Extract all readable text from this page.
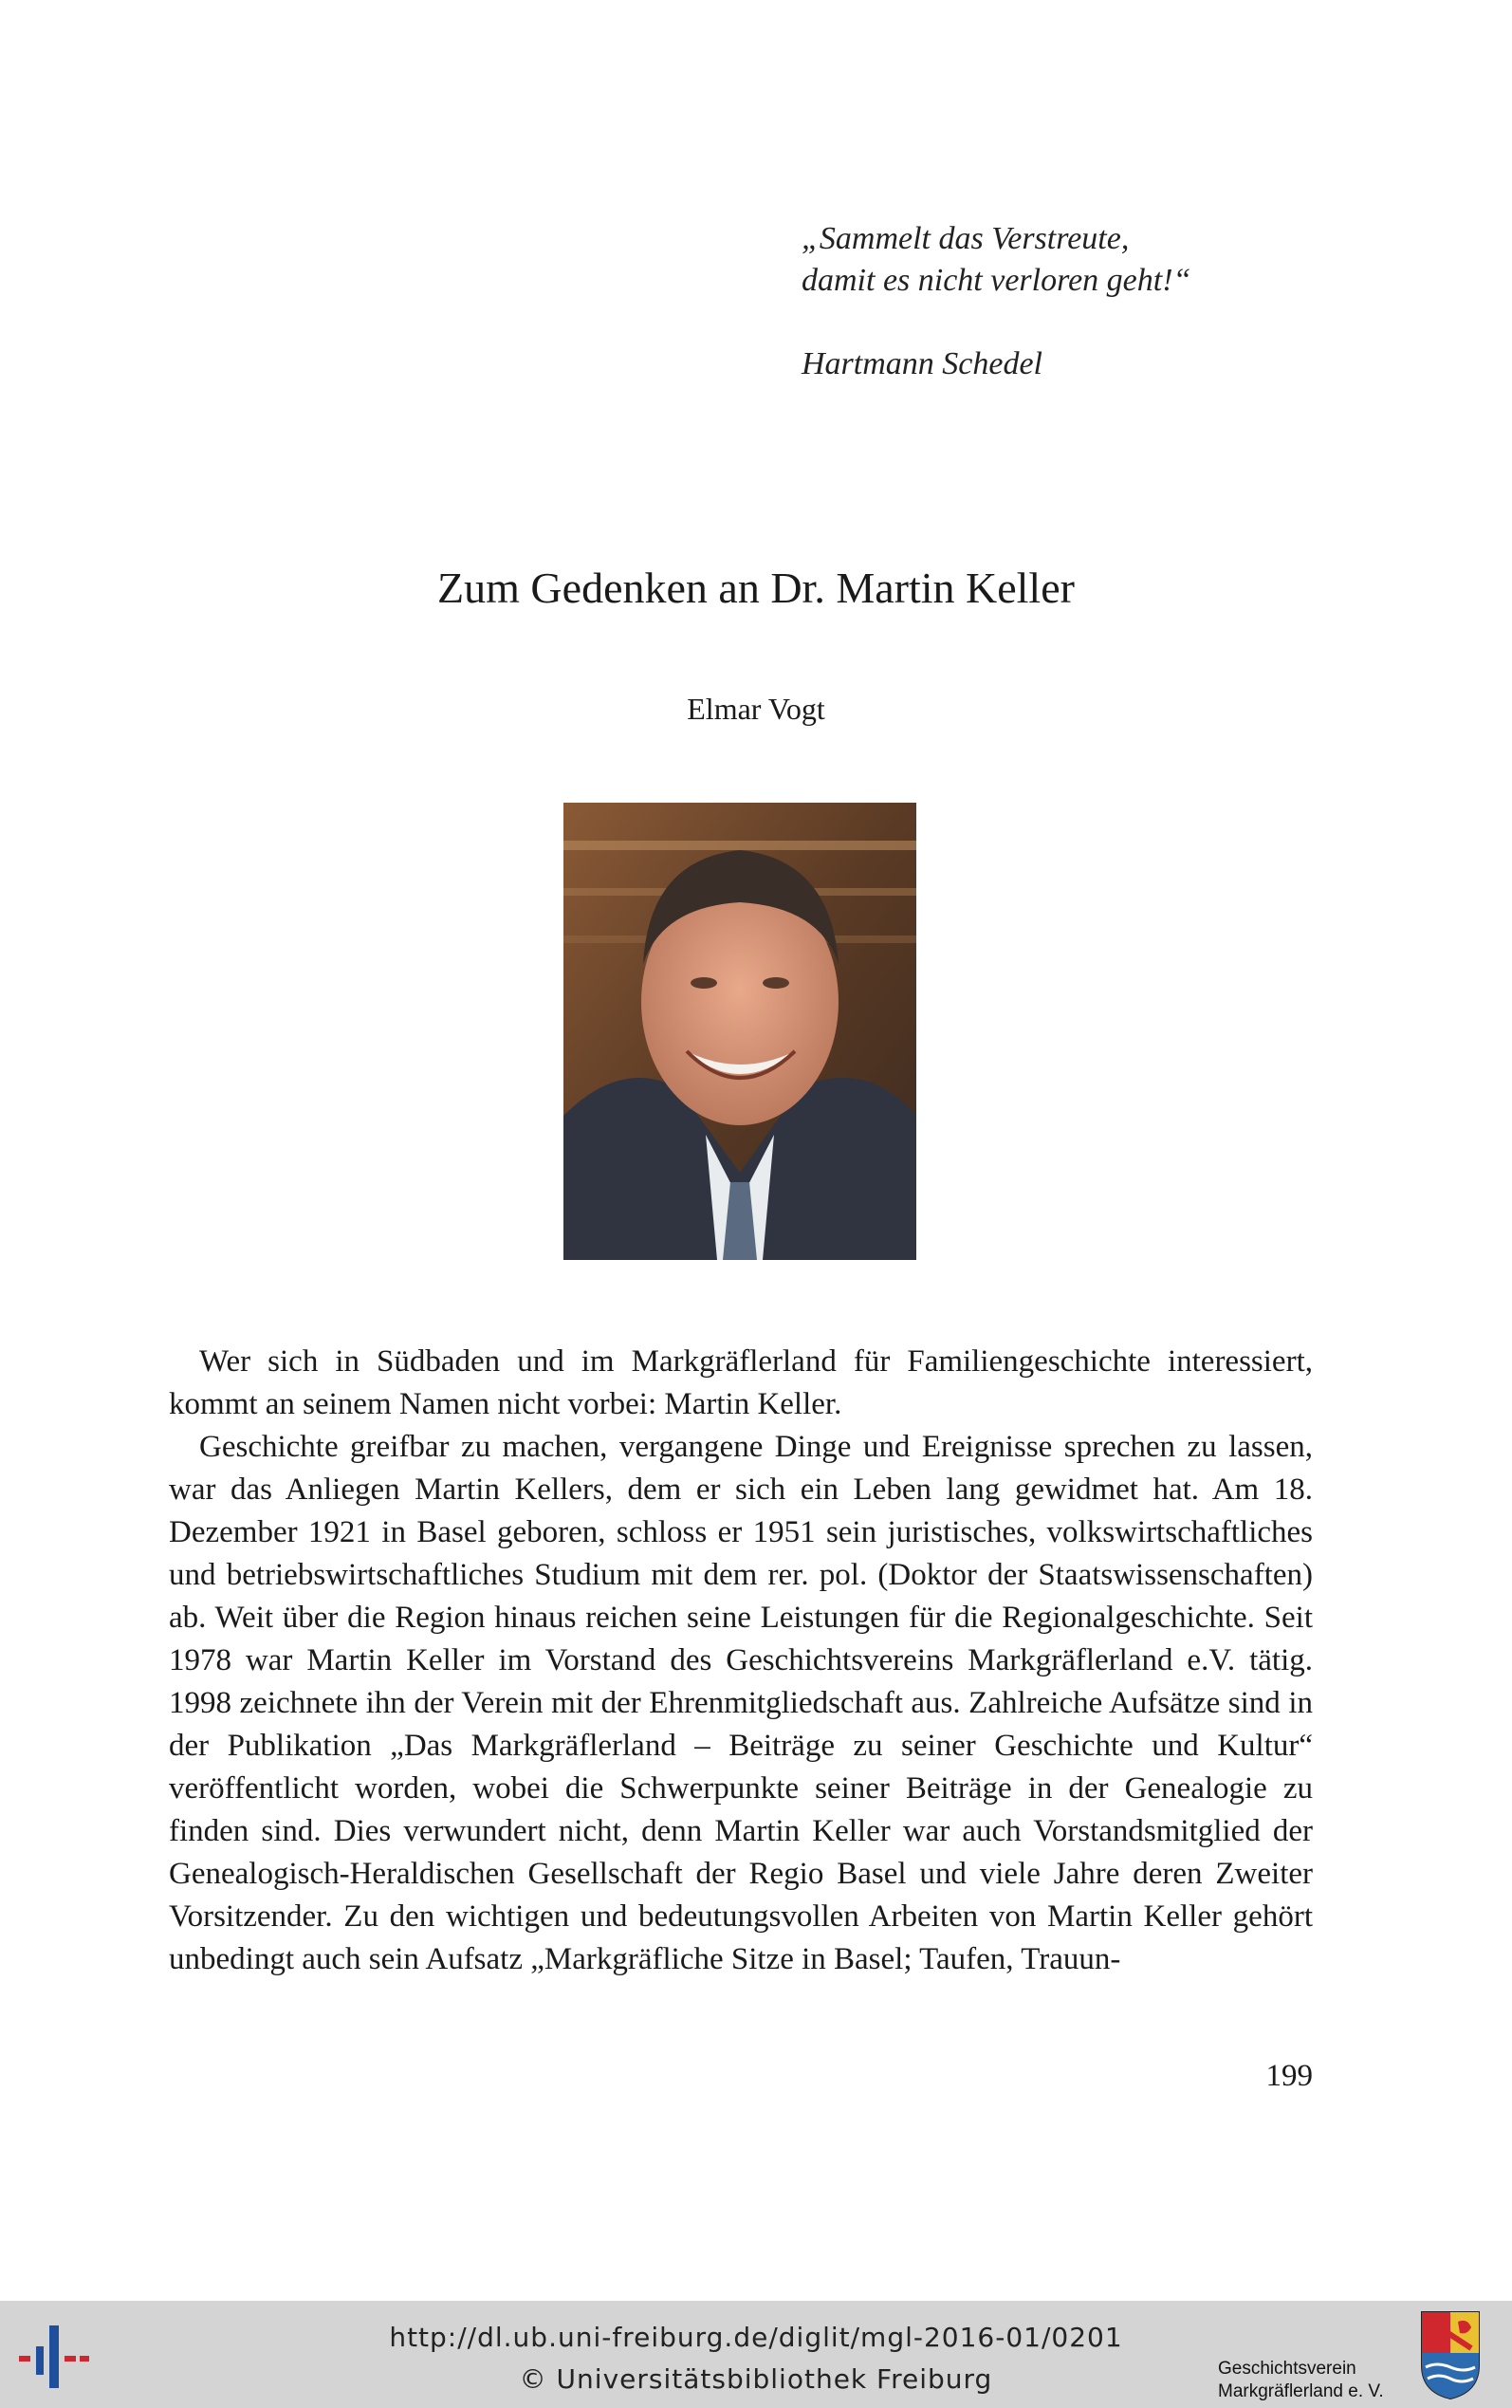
„Sammelt das Verstreute,
damit es nicht verloren geht!“
Hartmann Schedel
Zum Gedenken an Dr. Martin Keller
Elmar Vogt

Wer sich in Südbaden und im Markgräflerland für Familiengeschichte interessiert, kommt an seinem Namen nicht vorbei: Martin Keller.

Geschichte greifbar zu machen, vergangene Dinge und Ereignisse sprechen zu lassen, war das Anliegen Martin Kellers, dem er sich ein Leben lang gewidmet hat. Am 18. Dezember 1921 in Basel geboren, schloss er 1951 sein juristisches, volkswirtschaftliches und betriebswirtschaftliches Studium mit dem rer. pol. (Doktor der Staatswissenschaften) ab. Weit über die Region hinaus reichen seine Leistungen für die Regionalgeschichte. Seit 1978 war Martin Keller im Vorstand des Geschichtsvereins Markgräflerland e.V. tätig. 1998 zeichnete ihn der Verein mit der Ehrenmitgliedschaft aus. Zahlreiche Aufsätze sind in der Publikation „Das Markgräflerland – Beiträge zu seiner Geschichte und Kultur“ veröffentlicht worden, wobei die Schwerpunkte seiner Beiträge in der Genealogie zu finden sind. Dies verwundert nicht, denn Martin Keller war auch Vorstandsmitglied der Genealogisch-Heraldischen Gesellschaft der Regio Basel und viele Jahre deren Zweiter Vorsitzender. Zu den wichtigen und bedeutungsvollen Arbeiten von Martin Keller gehört unbedingt auch sein Aufsatz „Markgräfliche Sitze in Basel; Taufen, Trauun-

199
http://dl.ub.uni-freiburg.de/diglit/mgl-2016-01/0201
© Universitätsbibliothek Freiburg	Geschichtsverein
Markgräflerland e. V.
